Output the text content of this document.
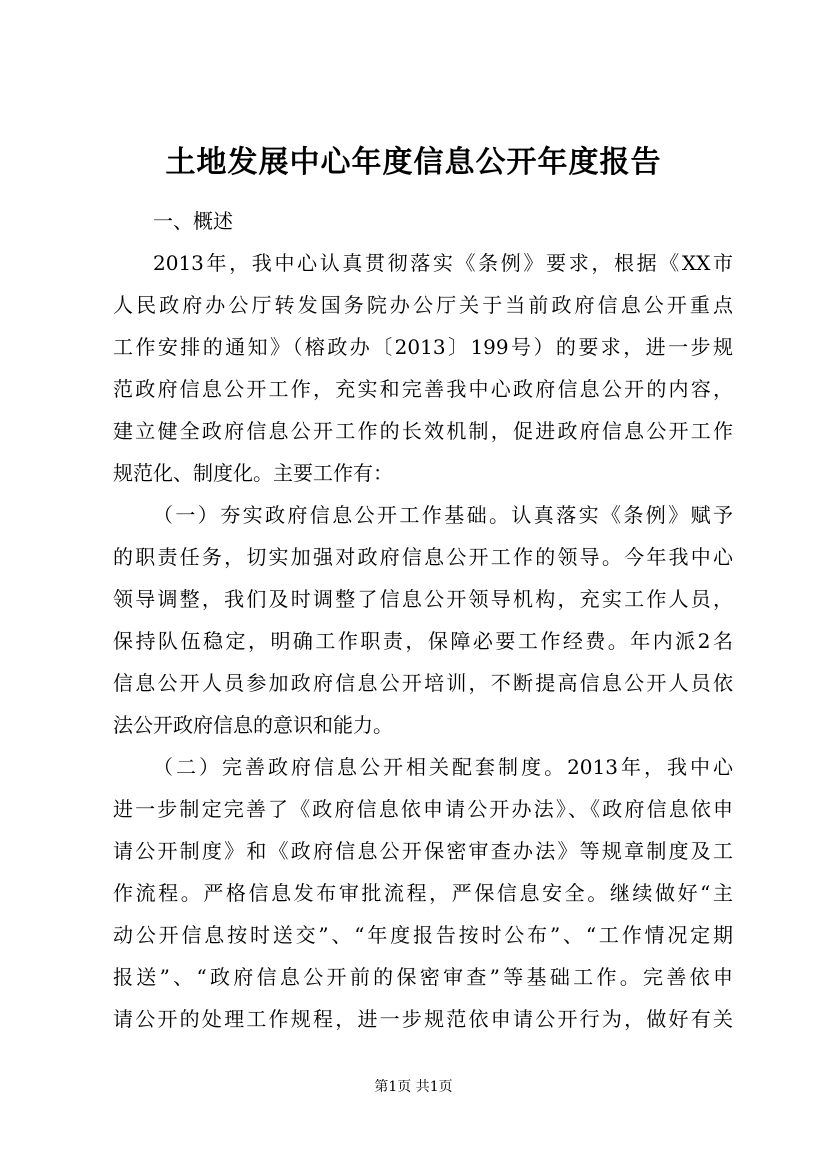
土地发展中心年度信息公开年度报告
一、概述
2013年，我中心认真贯彻落实《条例》要求，根据《XX市
人民政府办公厅转发国务院办公厅关于当前政府信息公开重点
工作安排的通知》（榕政办〔2013〕199号）的要求，进一步规
范政府信息公开工作，充实和完善我中心政府信息公开的内容，
建立健全政府信息公开工作的长效机制，促进政府信息公开工作
规范化、制度化。主要工作有：
（一）夯实政府信息公开工作基础。认真落实《条例》赋予
的职责任务，切实加强对政府信息公开工作的领导。今年我中心
领导调整，我们及时调整了信息公开领导机构，充实工作人员，
保持队伍稳定，明确工作职责，保障必要工作经费。年内派2名
信息公开人员参加政府信息公开培训，不断提高信息公开人员依
法公开政府信息的意识和能力。
（二）完善政府信息公开相关配套制度。2013年，我中心
进一步制定完善了《政府信息依申请公开办法》、《政府信息依申
请公开制度》和《政府信息公开保密审查办法》等规章制度及工
作流程。严格信息发布审批流程，严保信息安全。继续做好“主
动公开信息按时送交”、“年度报告按时公布”、“工作情况定期
报送”、“政府信息公开前的保密审查”等基础工作。完善依申
请公开的处理工作规程，进一步规范依申请公开行为，做好有关
第1页 共1页
